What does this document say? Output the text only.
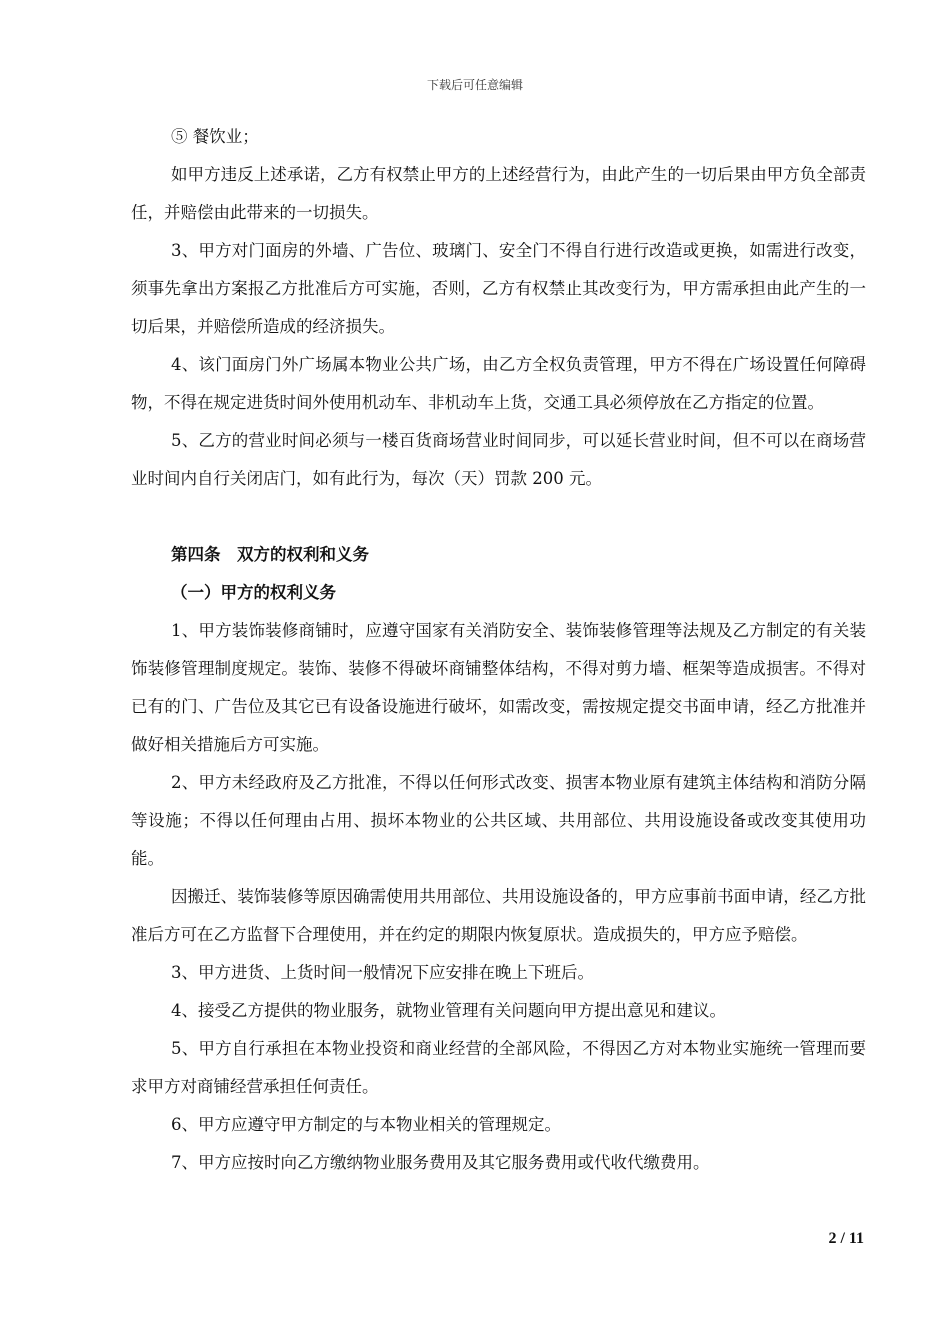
下载后可任意编辑

⑤ 餐饮业；

如甲方违反上述承诺，乙方有权禁止甲方的上述经营行为，由此产生的一切后果由甲方负全部责任，并赔偿由此带来的一切损失。

3、甲方对门面房的外墙、广告位、玻璃门、安全门不得自行进行改造或更换，如需进行改变，须事先拿出方案报乙方批准后方可实施，否则，乙方有权禁止其改变行为，甲方需承担由此产生的一切后果，并赔偿所造成的经济损失。

4、该门面房门外广场属本物业公共广场，由乙方全权负责管理，甲方不得在广场设置任何障碍物，不得在规定进货时间外使用机动车、非机动车上货，交通工具必须停放在乙方指定的位置。

5、乙方的营业时间必须与一楼百货商场营业时间同步，可以延长营业时间，但不可以在商场营业时间内自行关闭店门，如有此行为，每次（天）罚款 200 元。

第四条　双方的权利和义务

（一）甲方的权利义务

1、甲方装饰装修商铺时，应遵守国家有关消防安全、装饰装修管理等法规及乙方制定的有关装饰装修管理制度规定。装饰、装修不得破坏商铺整体结构，不得对剪力墙、框架等造成损害。不得对已有的门、广告位及其它已有设备设施进行破坏，如需改变，需按规定提交书面申请，经乙方批准并做好相关措施后方可实施。

2、甲方未经政府及乙方批准，不得以任何形式改变、损害本物业原有建筑主体结构和消防分隔等设施；不得以任何理由占用、损坏本物业的公共区域、共用部位、共用设施设备或改变其使用功能。

因搬迁、装饰装修等原因确需使用共用部位、共用设施设备的，甲方应事前书面申请，经乙方批准后方可在乙方监督下合理使用，并在约定的期限内恢复原状。造成损失的，甲方应予赔偿。

3、甲方进货、上货时间一般情况下应安排在晚上下班后。

4、接受乙方提供的物业服务，就物业管理有关问题向甲方提出意见和建议。

5、甲方自行承担在本物业投资和商业经营的全部风险，不得因乙方对本物业实施统一管理而要求甲方对商铺经营承担任何责任。

6、甲方应遵守甲方制定的与本物业相关的管理规定。

7、甲方应按时向乙方缴纳物业服务费用及其它服务费用或代收代缴费用。

2 / 11
